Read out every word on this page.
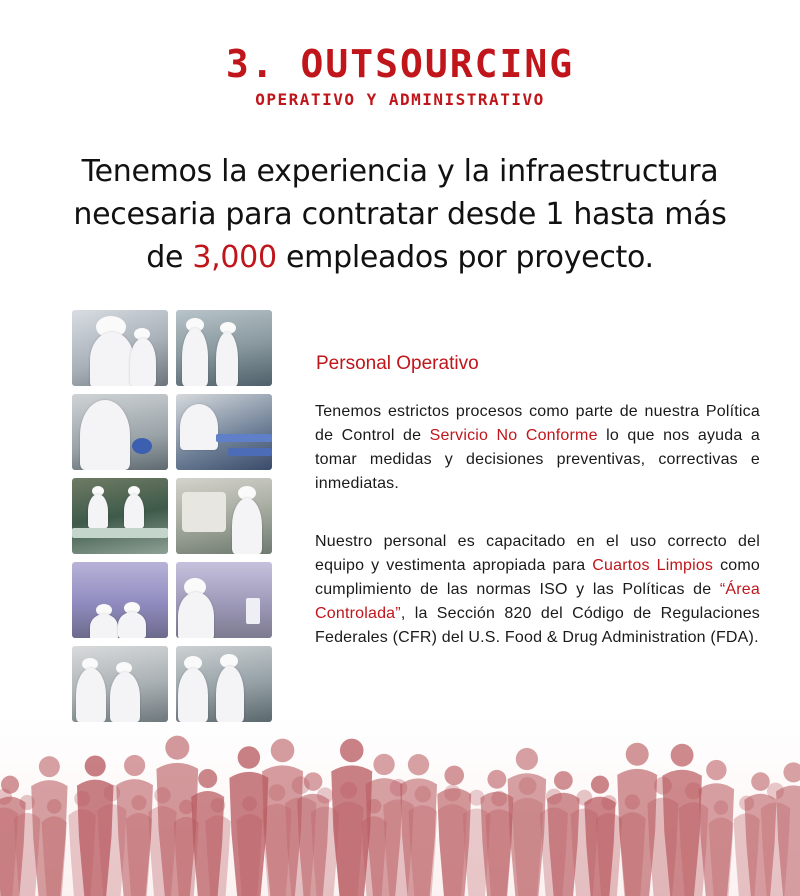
3. OUTSOURCING
OPERATIVO Y ADMINISTRATIVO
Tenemos la experiencia y la infraestructura
necesaria para contratar desde 1 hasta más
de 3,000 empleados por proyecto.
Personal Operativo
Tenemos estrictos procesos como parte de nuestra Política de Control de Servicio No Conforme lo que nos ayuda a tomar medidas y decisiones preventivas, correctivas e inmediatas.
Nuestro personal es capacitado en el uso correcto del equipo y vestimenta apropiada para Cuartos Limpios como cumplimiento de las normas ISO y las Políticas de “Área Controlada”, la Sección 820 del Código de Regulaciones Federales (CFR) del U.S. Food & Drug Administration (FDA).
